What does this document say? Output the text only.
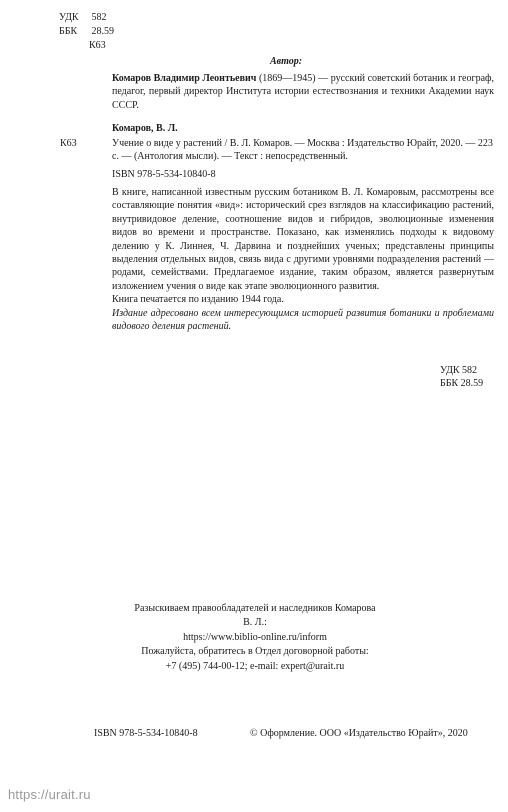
УДК 582
ББК 28.59
К63
Автор:
Комаров Владимир Леонтьевич (1869—1945) — русский советский ботаник и географ, педагог, первый директор Института истории естествознания и техники Академии наук СССР.
Комаров, В. Л.
К63	Учение о виде у растений / В. Л. Комаров. — Москва : Издательство Юрайт, 2020. — 223 с. — (Антология мысли). — Текст : непосредственный.
ISBN 978-5-534-10840-8

В книге, написанной известным русским ботаником В. Л. Комаровым, рассмотрены все составляющие понятия «вид»: исторический срез взглядов на классификацию растений, внутривидовое деление, соотношение видов и гибридов, эволюционные изменения видов во времени и пространстве. Показано, как изменялись подходы к видовому делению у К. Линнея, Ч. Дарвина и позднейших ученых; представлены принципы выделения отдельных видов, связь вида с другими уровнями подразделения растений — родами, семействами. Предлагаемое издание, таким образом, является развернутым изложением учения о виде как этапе эволюционного развития.

Книга печатается по изданию 1944 года.

Издание адресовано всем интересующимся историей развития ботаники и проблемами видового деления растений.

УДК 582
ББК 28.59
Разыскиваем правообладателей и наследников Комарова В. Л.:
https://www.biblio-online.ru/inform
Пожалуйста, обратитесь в Отдел договорной работы:
+7 (495) 744-00-12; e-mail: expert@urait.ru
ISBN 978-5-534-10840-8	© Оформление. ООО «Издательство Юрайт», 2020
https://urait.ru
